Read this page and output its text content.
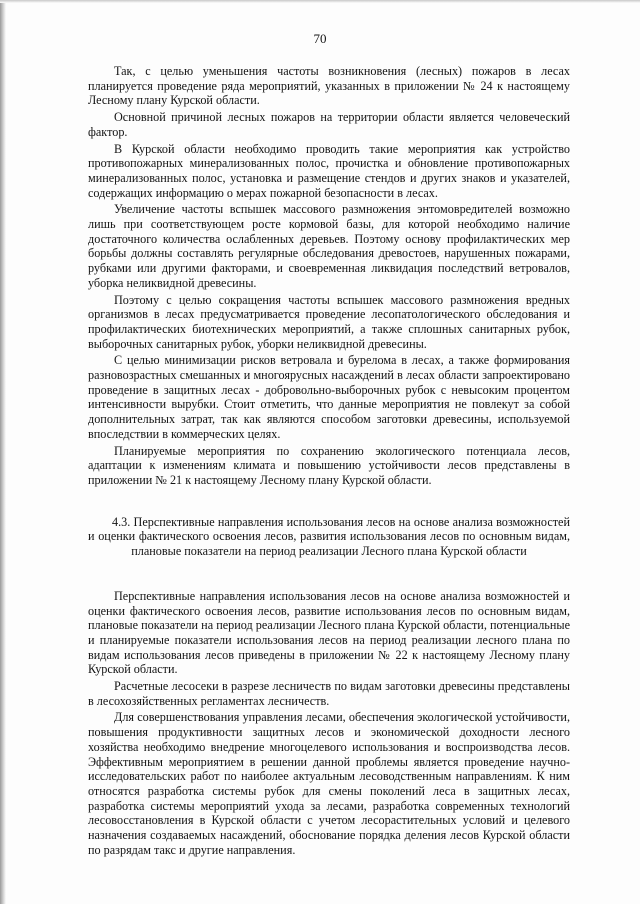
70

Так, с целью уменьшения частоты возникновения (лесных) пожаров в лесах планируется проведение ряда мероприятий, указанных в приложении № 24 к настоящему Лесному плану Курской области.

Основной причиной лесных пожаров на территории области является человеческий фактор.

В Курской области необходимо проводить такие мероприятия как устройство противопожарных минерализованных полос, прочистка и обновление противопожарных минерализованных полос, установка и размещение стендов и других знаков и указателей, содержащих информацию о мерах пожарной безопасности в лесах.

Увеличение частоты вспышек массового размножения энтомовредителей возможно лишь при соответствующем росте кормовой базы, для которой необходимо наличие достаточного количества ослабленных деревьев. Поэтому основу профилактических мер борьбы должны составлять регулярные обследования древостоев, нарушенных пожарами, рубками или другими факторами, и своевременная ликвидация последствий ветровалов, уборка неликвидной древесины.

Поэтому с целью сокращения частоты вспышек массового размножения вредных организмов в лесах предусматривается проведение лесопатологического обследования и профилактических биотехнических мероприятий, а также сплошных санитарных рубок, выборочных санитарных рубок, уборки неликвидной древесины.

С целью минимизации рисков ветровала и бурелома в лесах, а также формирования разновозрастных смешанных и многоярусных насаждений в лесах области запроектировано проведение в защитных лесах - добровольно-выборочных рубок с невысоким процентом интенсивности вырубки. Стоит отметить, что данные мероприятия не повлекут за собой дополнительных затрат, так как являются способом заготовки древесины, используемой впоследствии в коммерческих целях.

Планируемые мероприятия по сохранению экологического потенциала лесов, адаптации к изменениям климата и повышению устойчивости лесов представлены в приложении № 21 к настоящему Лесному плану Курской области.

4.3. Перспективные направления использования лесов на основе анализа возможностей и оценки фактического освоения лесов, развития использования лесов по основным видам, плановые показатели на период реализации Лесного плана Курской области

Перспективные направления использования лесов на основе анализа возможностей и оценки фактического освоения лесов, развитие использования лесов по основным видам, плановые показатели на период реализации Лесного плана Курской области, потенциальные и планируемые показатели использования лесов на период реализации лесного плана по видам использования лесов приведены в приложении № 22 к настоящему Лесному плану Курской области.

Расчетные лесосеки в разрезе лесничеств по видам заготовки древесины представлены в лесохозяйственных регламентах лесничеств.

Для совершенствования управления лесами, обеспечения экологической устойчивости, повышения продуктивности защитных лесов и экономической доходности лесного хозяйства необходимо внедрение многоцелевого использования и воспроизводства лесов. Эффективным мероприятием в решении данной проблемы является проведение научно-исследовательских работ по наиболее актуальным лесоводственным направлениям. К ним относятся разработка системы рубок для смены поколений леса в защитных лесах, разработка системы мероприятий ухода за лесами, разработка современных технологий лесовосстановления в Курской области с учетом лесорастительных условий и целевого назначения создаваемых насаждений, обоснование порядка деления лесов Курской области по разрядам такс и другие направления.
